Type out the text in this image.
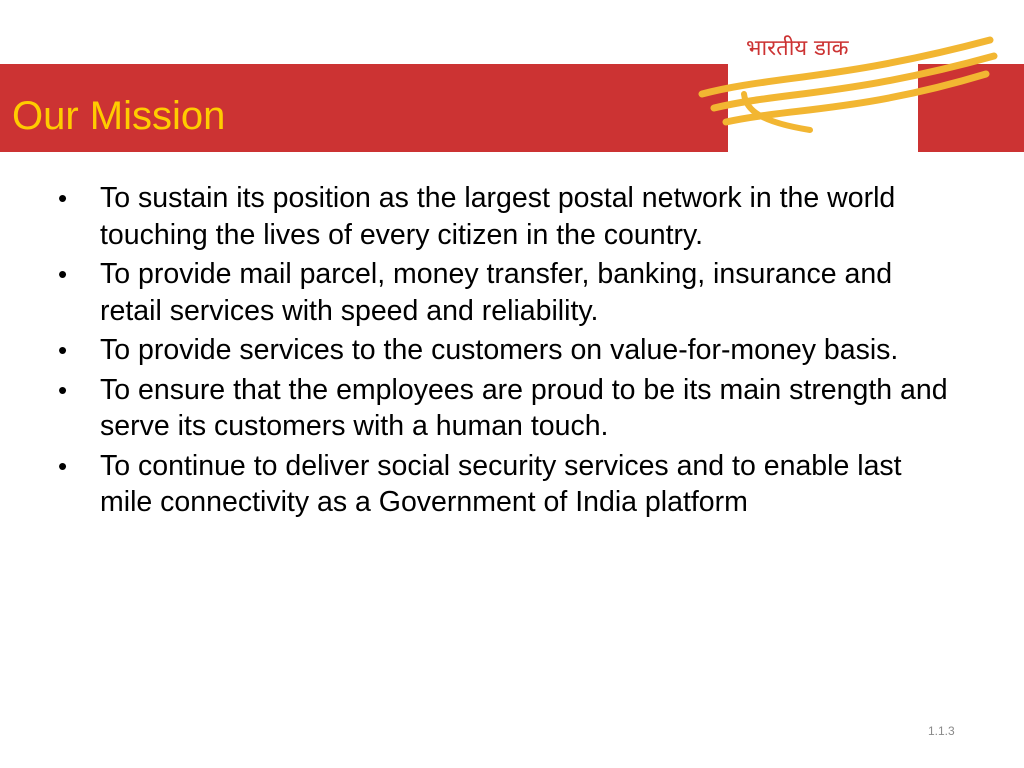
Our Mission
भारतीय डाक
•	To sustain its position as the largest postal network in the world touching the lives of every citizen in the country.
•	To provide mail parcel, money transfer, banking, insurance and retail services with speed and reliability.
•	To provide services to the customers on value-for-money basis.
•	To ensure that the employees are proud to be its main strength and serve its customers with a human touch.
•	To continue to deliver social security services and to enable last mile connectivity as a Government of India platform
1.1.3
